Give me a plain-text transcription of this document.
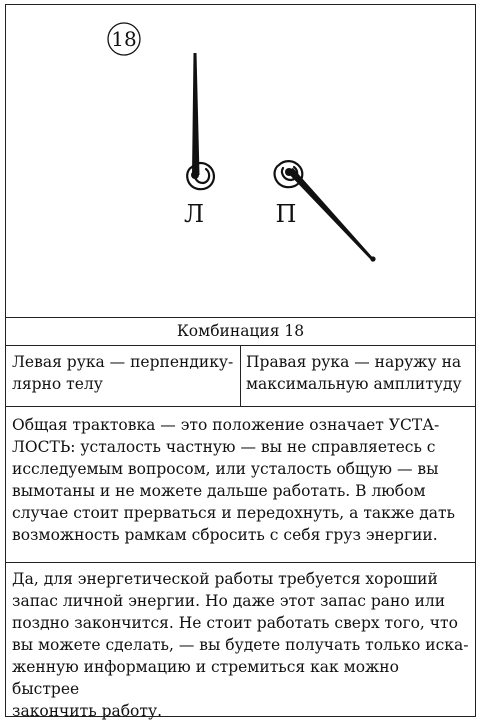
18
Л	П
Комбинация 18
Левая рука — перпендику-
лярно телу
Правая рука — наружу на
максимальную амплитуду
Общая трактовка — это положение означает УСТА-
ЛОСТЬ: усталость частную — вы не справляетесь с
исследуемым вопросом, или усталость общую — вы
вымотаны и не можете дальше работать. В любом
случае стоит прерваться и передохнуть, а также дать
возможность рамкам сбросить с себя груз энергии.
Да, для энергетической работы требуется хороший
запас личной энергии. Но даже этот запас рано или
поздно закончится. Не стоит работать сверх того, что
вы можете сделать, — вы будете получать только иска-
женную информацию и стремиться как можно быстрее
закончить работу.
